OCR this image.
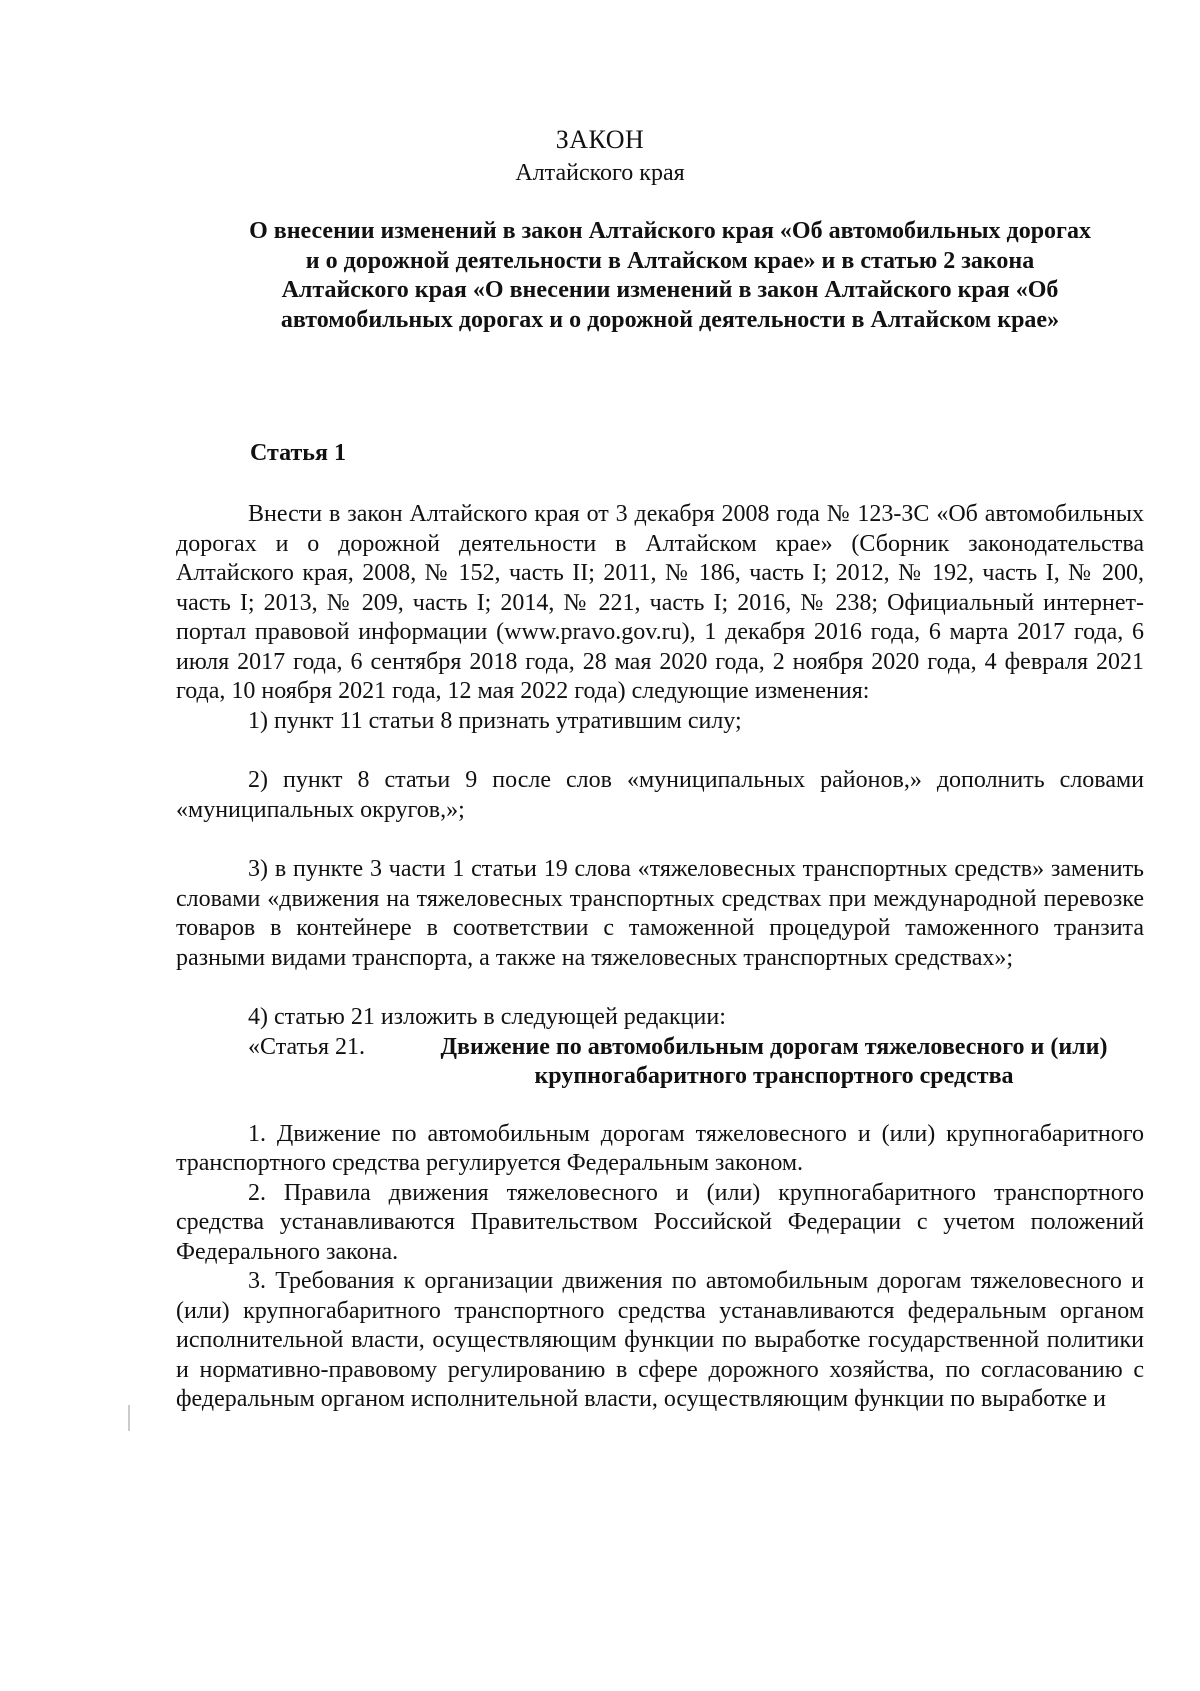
ЗАКОН
Алтайского края
О внесении изменений в закон Алтайского края «Об автомобильных дорогах и о дорожной деятельности в Алтайском крае» и в статью 2 закона Алтайского края «О внесении изменений в закон Алтайского края «Об автомобильных дорогах и о дорожной деятельности в Алтайском крае»
Статья 1

Внести в закон Алтайского края от 3 декабря 2008 года № 123-ЗС «Об автомобильных дорогах и о дорожной деятельности в Алтайском крае» (Сборник законодательства Алтайского края, 2008, № 152, часть II; 2011, № 186, часть I; 2012, № 192, часть I, № 200, часть I; 2013, № 209, часть I; 2014, № 221, часть I; 2016, № 238; Официальный интернет-портал правовой информации (www.pravo.gov.ru), 1 декабря 2016 года, 6 марта 2017 года, 6 июля 2017 года, 6 сентября 2018 года, 28 мая 2020 года, 2 ноября 2020 года, 4 февраля 2021 года, 10 ноября 2021 года, 12 мая 2022 года) следующие изменения:

1) пункт 11 статьи 8 признать утратившим силу;

2) пункт 8 статьи 9 после слов «муниципальных районов,» дополнить словами «муниципальных округов,»;

3) в пункте 3 части 1 статьи 19 слова «тяжеловесных транспортных средств» заменить словами «движения на тяжеловесных транспортных средствах при международной перевозке товаров в контейнере в соответствии с таможенной процедурой таможенного транзита разными видами транспорта, а также на тяжеловесных транспортных средствах»;

4) статью 21 изложить в следующей редакции:

«Статья 21.	Движение по автомобильным дорогам тяжеловесного и (или) крупногабаритного транспортного средства

1. Движение по автомобильным дорогам тяжеловесного и (или) крупногабаритного транспортного средства регулируется Федеральным законом.

2. Правила движения тяжеловесного и (или) крупногабаритного транспортного средства устанавливаются Правительством Российской Федерации с учетом положений Федерального закона.

3. Требования к организации движения по автомобильным дорогам тяжеловесного и (или) крупногабаритного транспортного средства устанавливаются федеральным органом исполнительной власти, осуществляющим функции по выработке государственной политики и нормативно-правовому регулированию в сфере дорожного хозяйства, по согласованию с федеральным органом исполнительной власти, осуществляющим функции по выработке и
